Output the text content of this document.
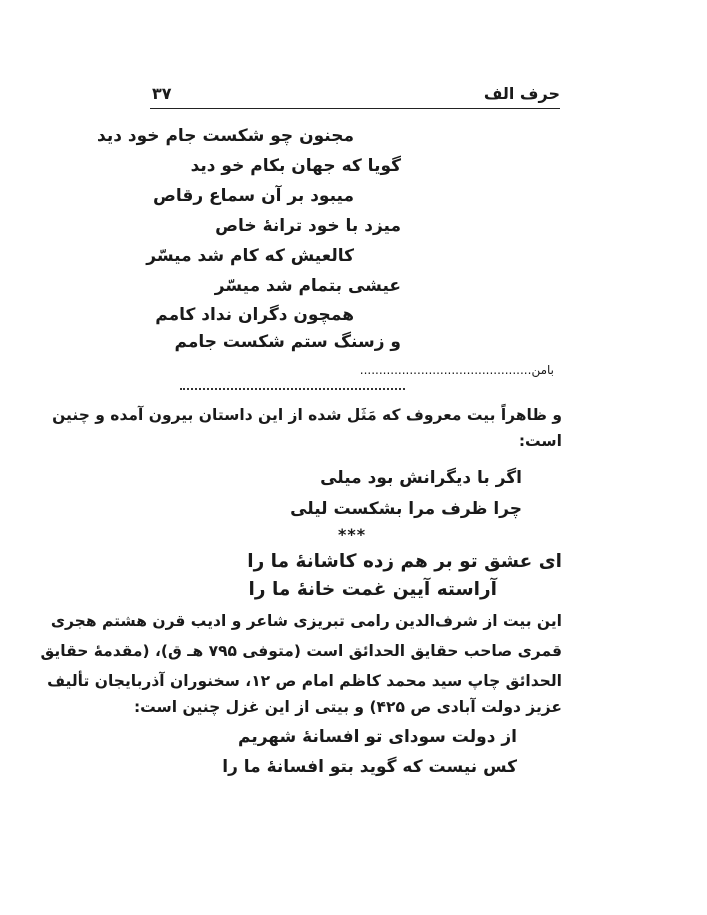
حرف الف
۳۷
مجنون چو شکست جام خود دید
گویا که جهان بکام خو دید
میبود بر آن سماع رقاص
میزد با خود ترانهٔ خاص
کالعیش که کام شد میسّر
عیشی بتمام شد میسّر
همچون دگران نداد کامم
و زسنگ ستم شکست جامم
بامن.............................................
و ظاهراً بیت معروف که مَثَل شده از این داستان بیرون آمده و چنین
است:
اگر با دیگرانش بود میلی
چرا ظرف مرا بشکست لیلی
***
ای عشق تو بر هم زده کاشانهٔ ما را
آراسته آیین غمت خانهٔ ما را
این بیت از شرف‌الدین رامی تبریزی شاعر و ادیب قرن هشتم هجری
قمری صاحب حقایق الحدائق است (متوفی ۷۹۵ هـ ق)، (مقدمهٔ حقایق
الحدائق چاپ سید محمد کاظم امام ص ۱۲، سخنوران آذربایجان تألیف
عزیز دولت آبادی ص ۴۲۵) و بیتی از این غزل چنین است:
از دولت سودای تو افسانهٔ شهریم
کس نیست که گوید بتو افسانهٔ ما را
